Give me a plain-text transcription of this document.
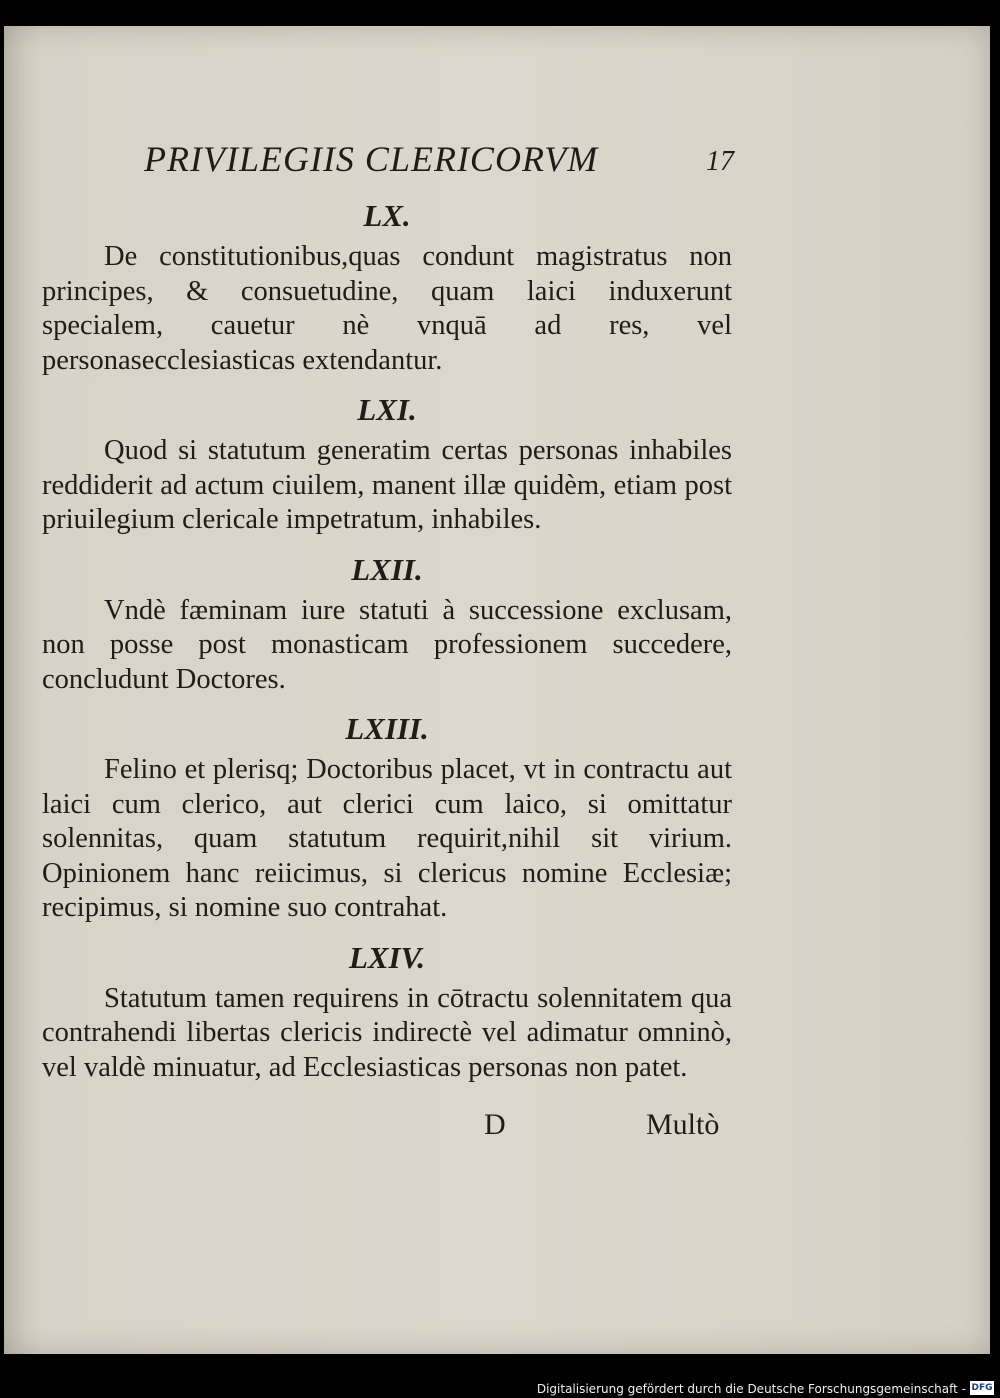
PRIVILEGIIS CLERICORVM	17
LX.

De constitutionibus,quas condunt magistratus non principes, & consuetudine, quam laici induxerunt specialem, cauetur nè vnquā ad res, vel personasecclesiasticas extendantur.

LXI.

Quod si statutum generatim certas personas inhabiles reddiderit ad actum ciuilem, manent illæ quidèm, etiam post priuilegium clericale impetratum, inhabiles.

LXII.

Vndè fæminam iure statuti à successione exclusam, non posse post monasticam professionem succedere, concludunt Doctores.

LXIII.

Felino et plerisq; Doctoribus placet, vt in contractu aut laici cum clerico, aut clerici cum laico, si omittatur solennitas, quam statutum requirit,nihil sit virium. Opinionem hanc reiicimus, si clericus nomine Ecclesiæ; recipimus, si nomine suo contrahat.

LXIV.

Statutum tamen requirens in cōtractu solennitatem qua contrahendi libertas clericis indirectè vel adimatur omninò, vel valdè minuatur, ad Ecclesiasticas personas non patet.

D	Multò
Digitalisierung gefördert durch die Deutsche Forschungsgemeinschaft - DFG
